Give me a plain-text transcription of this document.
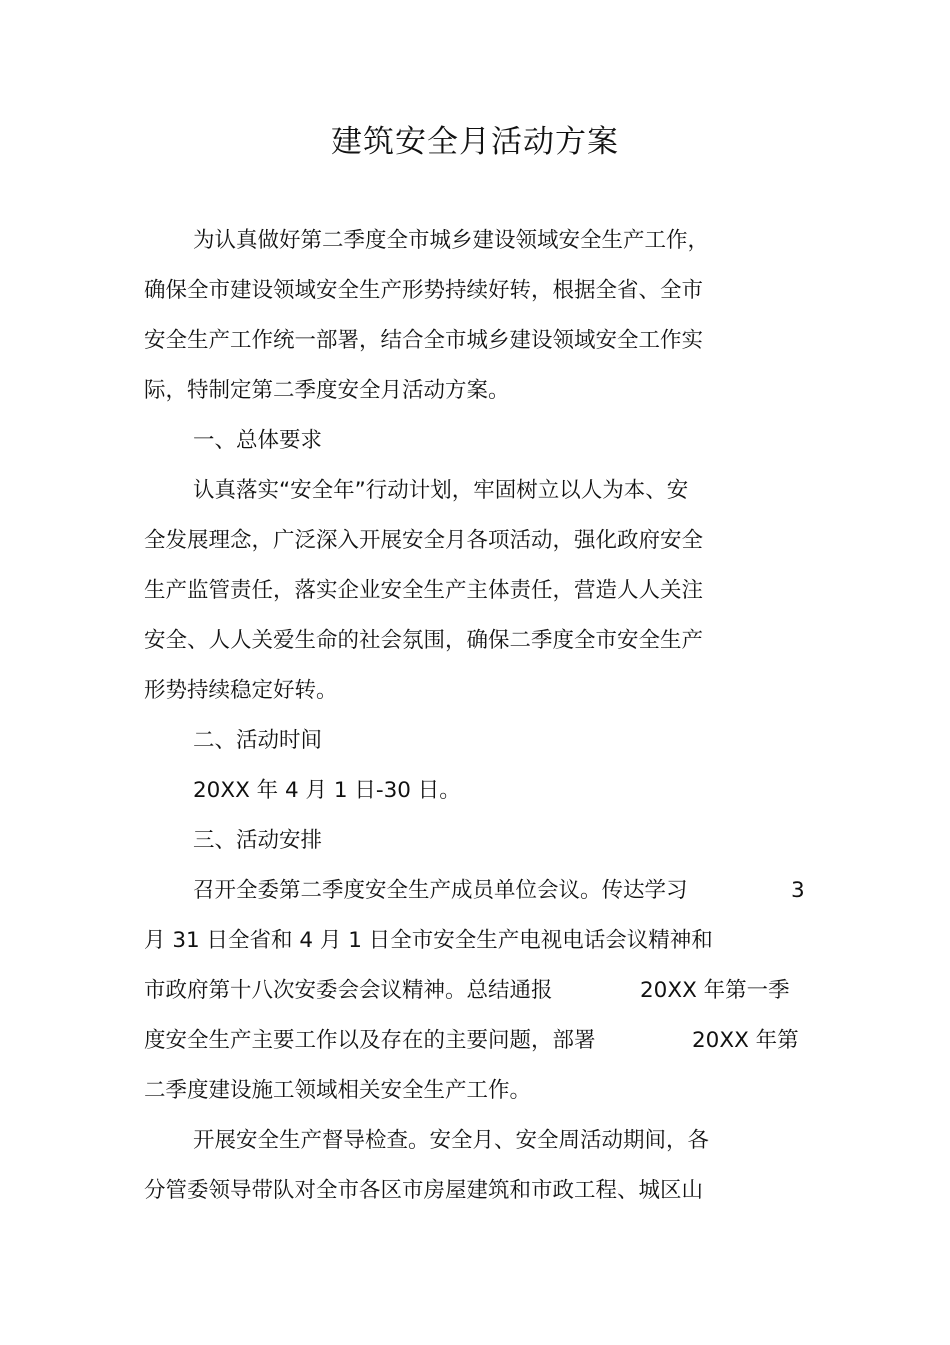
建筑安全月活动方案

为认真做好第二季度全市城乡建设领域安全生产工作，

确保全市建设领域安全生产形势持续好转，根据全省、全市

安全生产工作统一部署，结合全市城乡建设领域安全工作实

际，特制定第二季度安全月活动方案。

一、总体要求

认真落实“安全年”行动计划，牢固树立以人为本、安

全发展理念，广泛深入开展安全月各项活动，强化政府安全

生产监管责任，落实企业安全生产主体责任，营造人人关注

安全、人人关爱生命的社会氛围，确保二季度全市安全生产

形势持续稳定好转。

二、活动时间

20XX 年 4 月 1 日-30 日。

三、活动安排

召开全委第二季度安全生产成员单位会议。传达学习	3

月 31 日全省和 4 月 1 日全市安全生产电视电话会议精神和

市政府第十八次安委会会议精神。总结通报	20XX 年第一季

度安全生产主要工作以及存在的主要问题，部署	20XX 年第

二季度建设施工领域相关安全生产工作。

开展安全生产督导检查。安全月、安全周活动期间，各

分管委领导带队对全市各区市房屋建筑和市政工程、城区山
